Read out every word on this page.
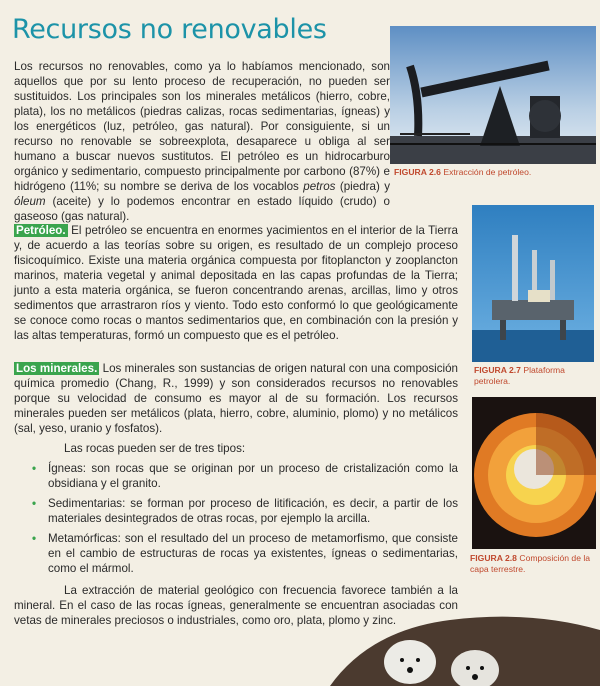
Recursos no renovables
Los recursos no renovables, como ya lo habíamos mencionado, son aquellos que por su lento proceso de recuperación, no pueden ser sustituidos. Los principales son los minerales metálicos (hierro, cobre, plata), los no metálicos (piedras calizas, rocas sedimentarias, ígneas) y los energéticos (luz, petróleo, gas natural). Por consiguiente, si un recurso no renovable se sobreexplota, desaparece u obliga al ser humano a buscar nuevos sustitutos. El petróleo es un hidrocarburo orgánico y sedimentario, compuesto principalmente por carbono (87%) e hidrógeno (11%; su nombre se deriva de los vocablos petros (piedra) y óleum (aceite) y lo podemos encontrar en estado líquido (crudo) o gaseoso (gas natural).
FIGURA 2.6 Extracción de petróleo.
Petróleo. El petróleo se encuentra en enormes yacimientos en el interior de la Tierra y, de acuerdo a las teorías sobre su origen, es resultado de un complejo proceso fisicoquímico. Existe una materia orgánica compuesta por fitoplancton y zooplancton marinos, materia vegetal y animal depositada en las capas profundas de la Tierra; junto a esta materia orgánica, se fueron concentrando arenas, arcillas, limo y otros sedimentos que arrastraron ríos y viento. Todo esto conformó lo que geológicamente se conoce como rocas o mantos sedimentarios que, en combinación con la presión y las altas temperaturas, formó un compuesto que es el petróleo.
FIGURA 2.7 Plataforma petrolera.
Los minerales. Los minerales son sustancias de origen natural con una composición química promedio (Chang, R., 1999) y son considerados recursos no renovables porque su velocidad de consumo es mayor al de su formación. Los recursos minerales pueden ser metálicos (plata, hierro, cobre, aluminio, plomo) y no metálicos (sal, yeso, uranio y fosfatos).
FIGURA 2.8 Composición de la capa terrestre.
Las rocas pueden ser de tres tipos:
• Ígneas: son rocas que se originan por un proceso de cristalización como la obsidiana y el granito.
• Sedimentarias: se forman por proceso de litificación, es decir, a partir de los materiales desintegrados de otras rocas, por ejemplo la arcilla.
• Metamórficas: son el resultado del un proceso de metamorfismo, que consiste en el cambio de estructuras de rocas ya existentes, ígneas o sedimentarias, como el mármol.
La extracción de material geológico con frecuencia favorece también a la mineral. En el caso de las rocas ígneas, generalmente se encuentran asociadas con vetas de minerales preciosos o industriales, como oro, plata, plomo y zinc.
